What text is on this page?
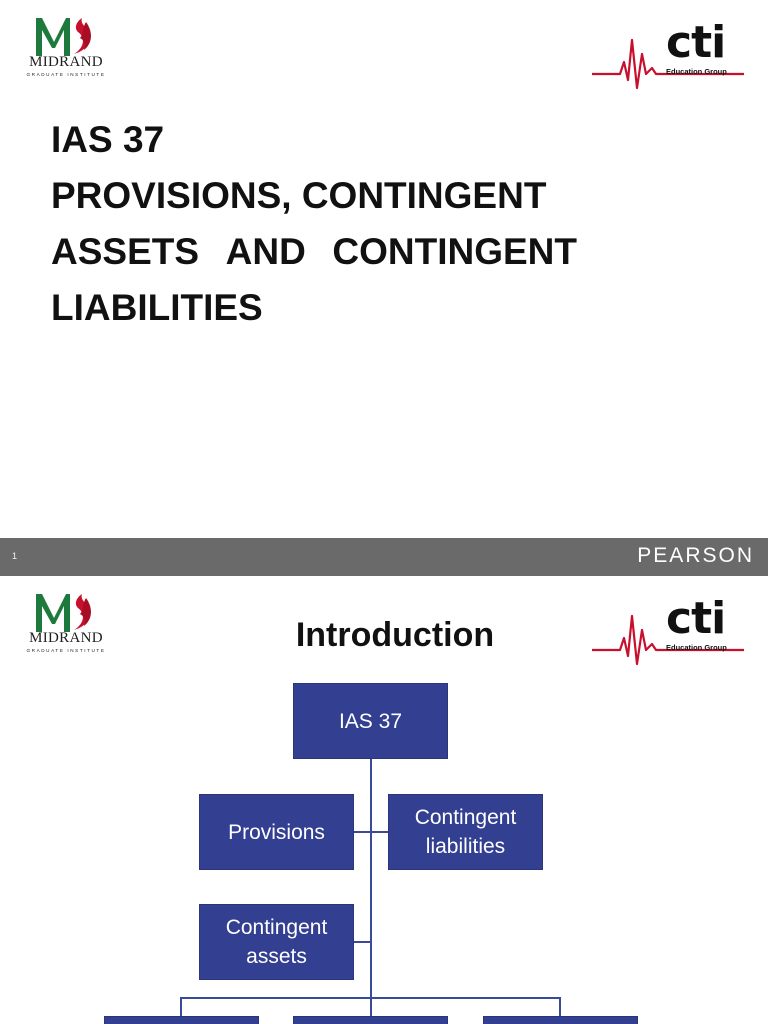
MIDRAND
GRADUATE INSTITUTE
cti
Education Group
IAS 37
PROVISIONS, CONTINGENT
ASSETS AND CONTINGENT
LIABILITIES
1	PEARSON
MIDRAND
GRADUATE INSTITUTE
cti
Education Group
Introduction
IAS 37
Provisions
Contingent
liabilities
Contingent
assets
